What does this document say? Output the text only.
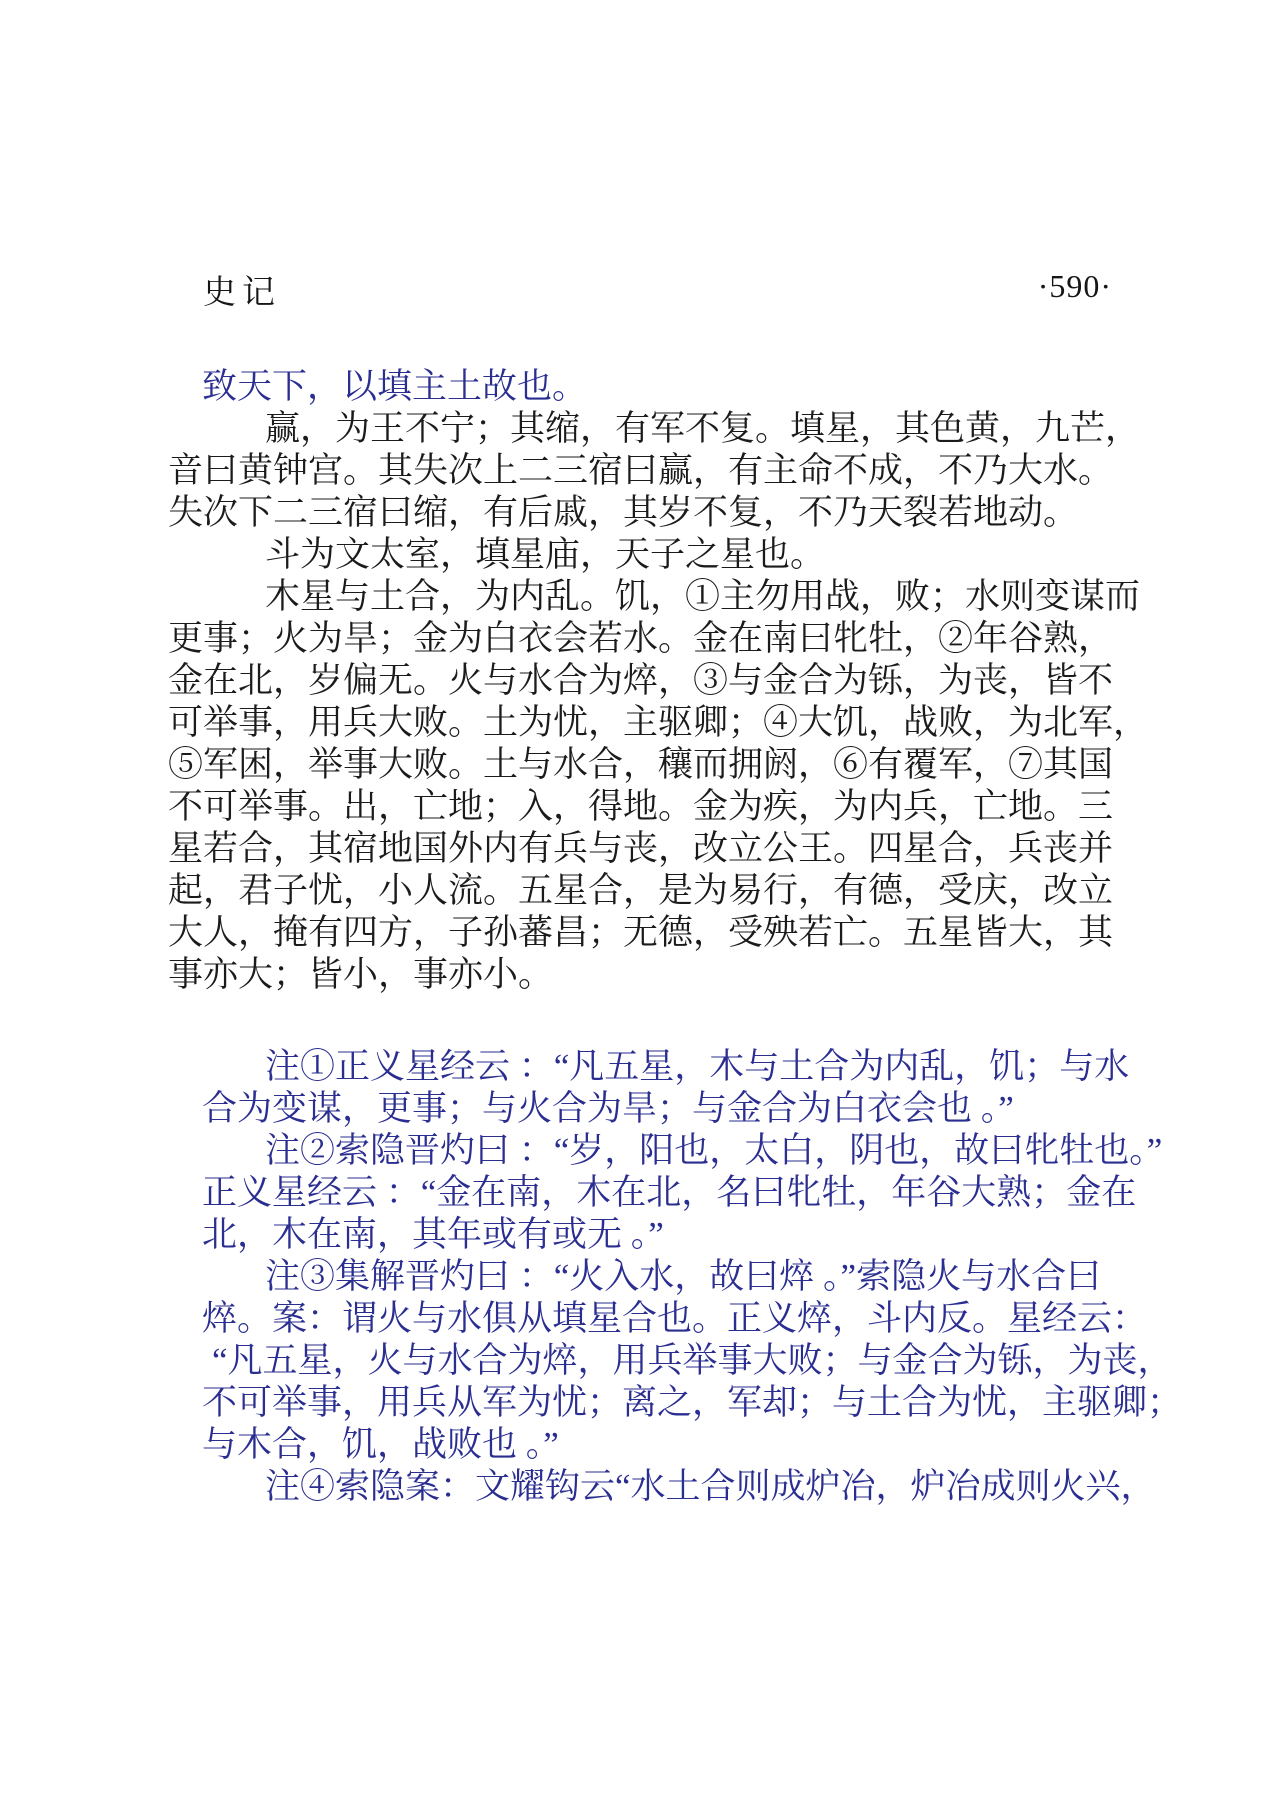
史记	·590·
致天下，以填主土故也。
赢，为王不宁；其缩，有军不复。填星，其色黄，九芒，
音曰黄钟宫。其失次上二三宿曰赢，有主命不成，不乃大水。
失次下二三宿曰缩，有后戚，其岁不复，不乃天裂若地动。
斗为文太室，填星庙，天子之星也。
木星与土合，为内乱。饥，①主勿用战，败；水则变谋而
更事；火为旱；金为白衣会若水。金在南曰牝牡，②年谷熟，
金在北，岁偏无。火与水合为焠，③与金合为铄，为丧，皆不
可举事，用兵大败。土为忧，主驱卿；④大饥，战败，为北军，
⑤军困，举事大败。土与水合，穰而拥阏，⑥有覆军，⑦其国
不可举事。出，亡地；入，得地。金为疾，为内兵，亡地。三
星若合，其宿地国外内有兵与丧，改立公王。四星合，兵丧并
起，君子忧，小人流。五星合，是为易行，有德，受庆，改立
大人，掩有四方，子孙蕃昌；无德，受殃若亡。五星皆大，其
事亦大；皆小，事亦小。
注①正义星经云 ：“凡五星，木与土合为内乱，饥；与水
合为变谋，更事；与火合为旱；与金合为白衣会也 。”
注②索隐晋灼曰 ：“岁，阳也，太白，阴也，故曰牝牡也。”
正义星经云 ：“金在南，木在北，名曰牝牡，年谷大熟；金在
北，木在南，其年或有或无 。”
注③集解晋灼曰 ：“火入水，故曰焠 。”索隐火与水合曰
焠。案：谓火与水俱从填星合也。正义焠，斗内反。星经云：
“凡五星，火与水合为焠，用兵举事大败；与金合为铄，为丧，
不可举事，用兵从军为忧；离之，军却；与土合为忧，主驱卿；
与木合，饥，战败也 。”
注④索隐案：文耀钩云“水土合则成炉冶，炉冶成则火兴，
